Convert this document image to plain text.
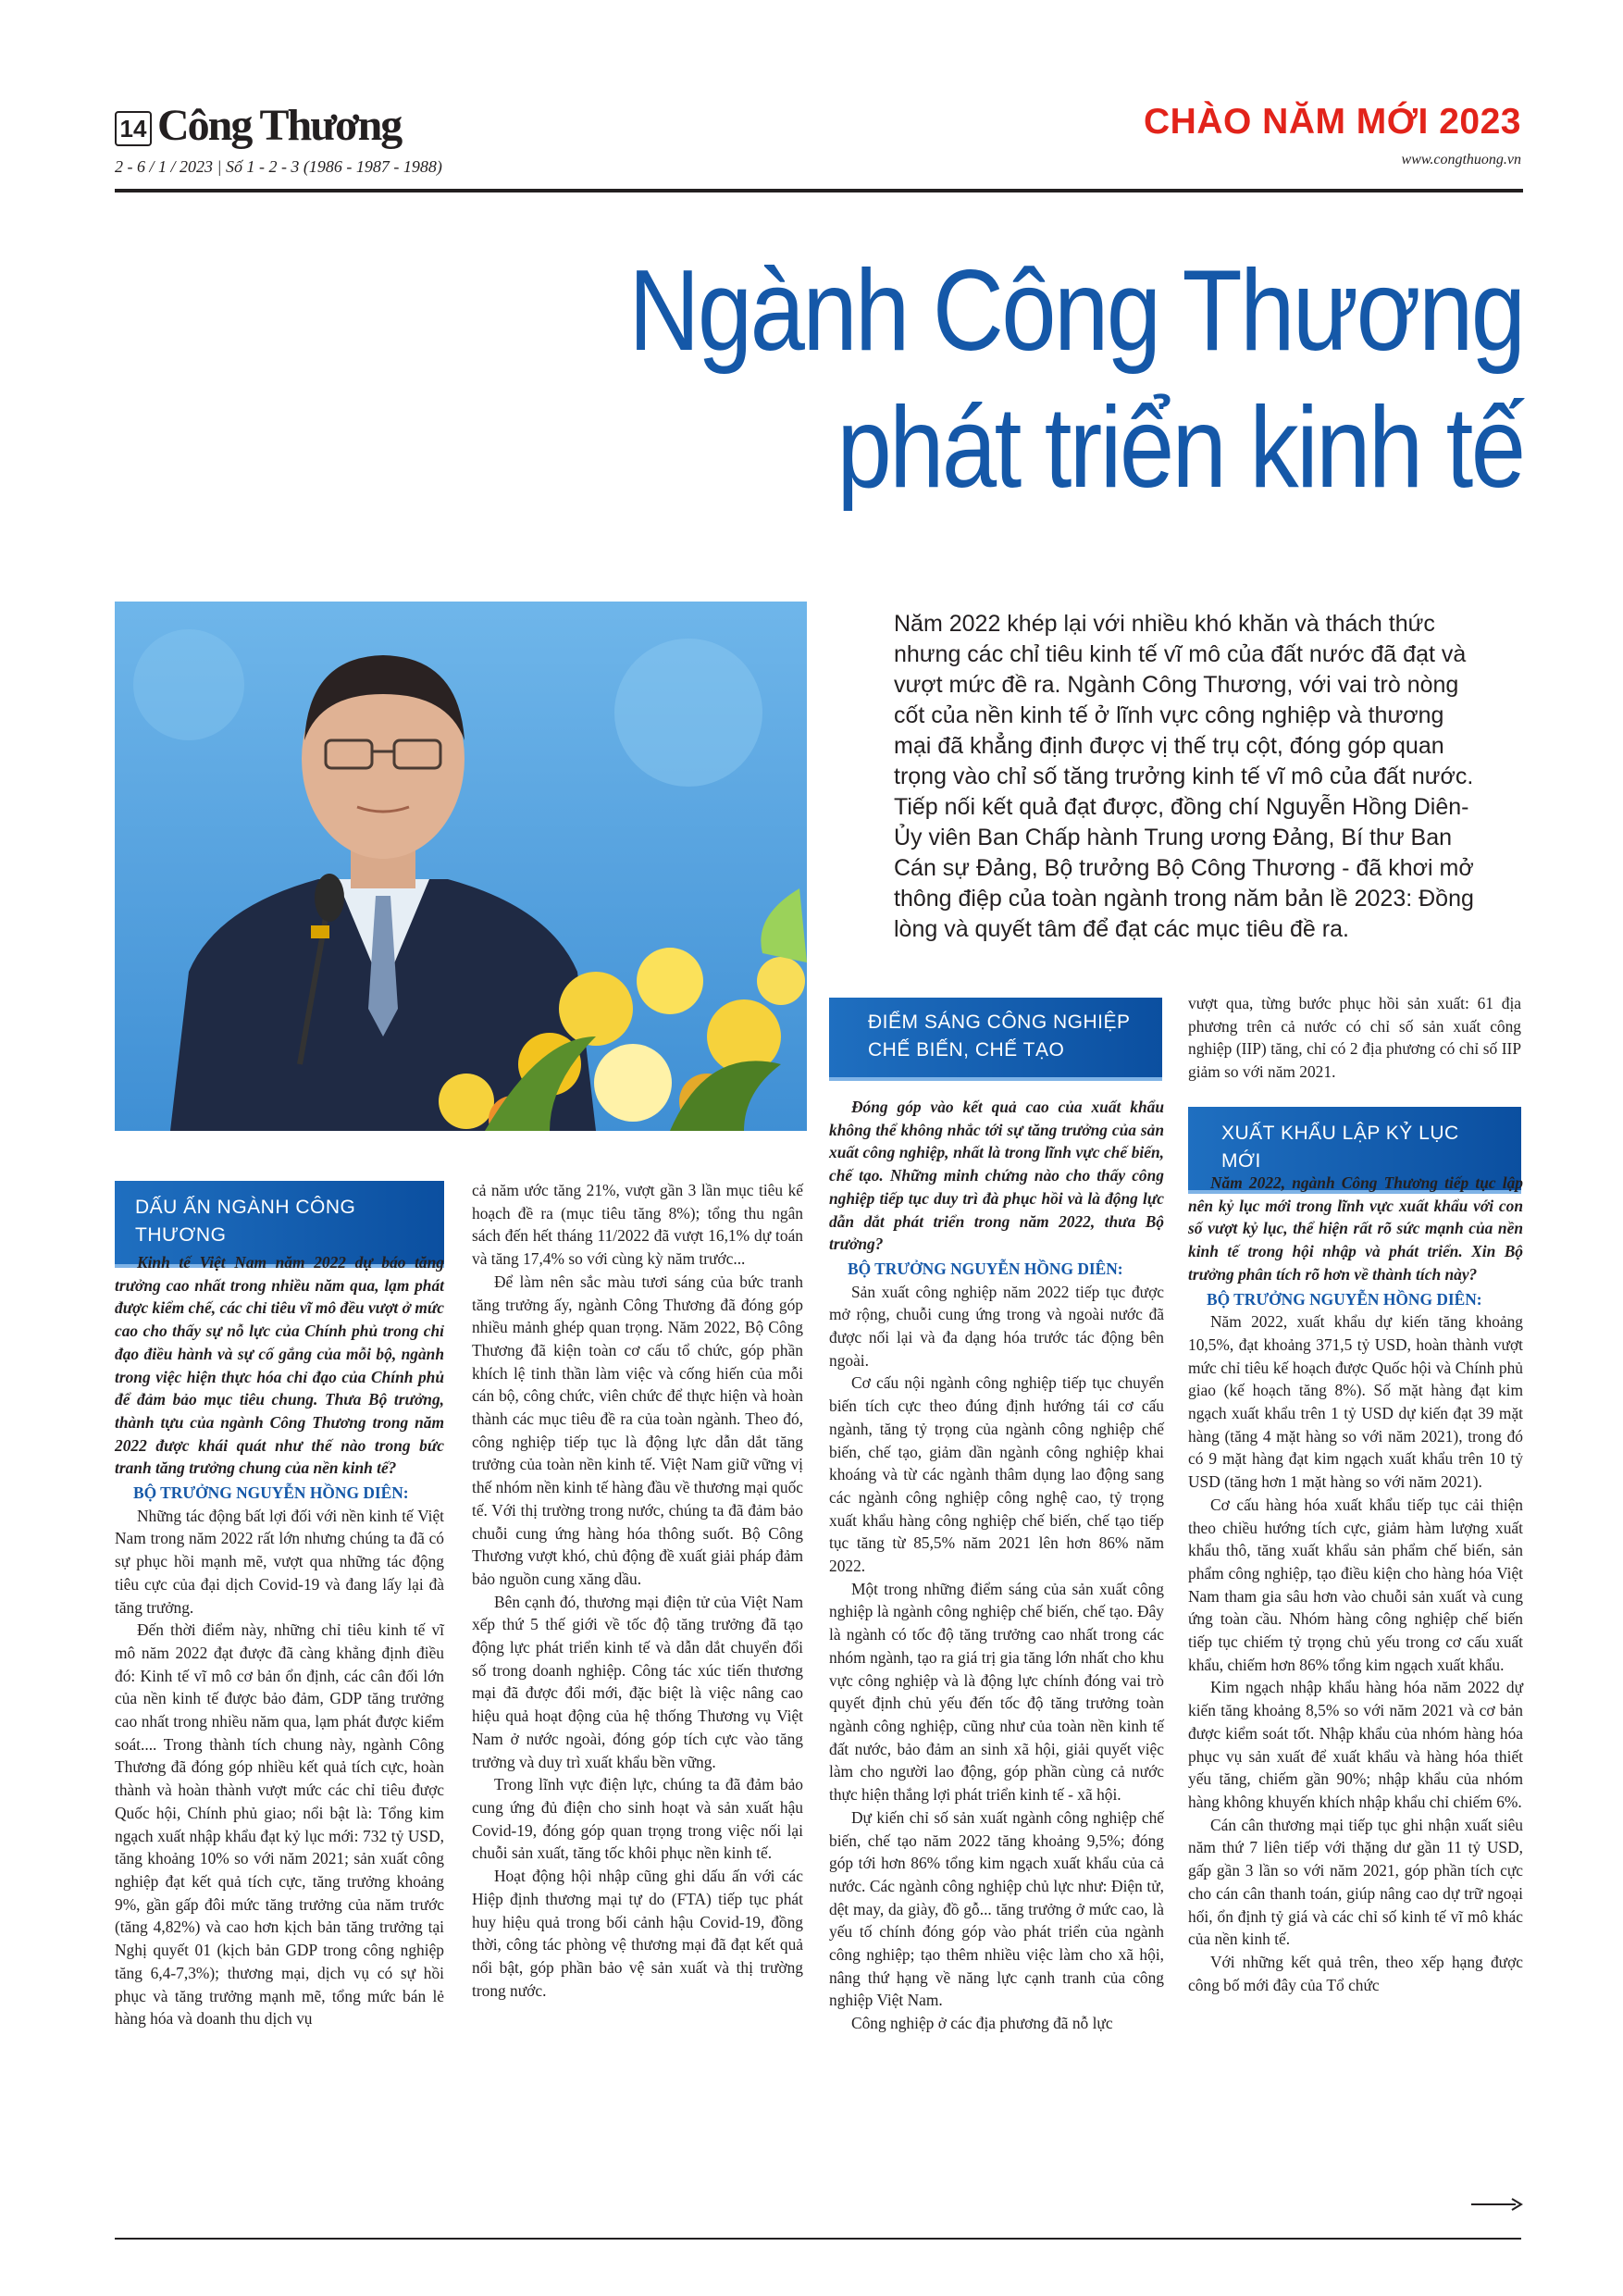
14 Công Thương
2 - 6 / 1 / 2023 | Số 1 - 2 - 3 (1986 - 1987 - 1988)
CHÀO NĂM MỚI 2023
www.congthuong.vn
Ngành Công Thương
phát triển kinh tế
Năm 2022 khép lại với nhiều khó khăn và thách thức nhưng các chỉ tiêu kinh tế vĩ mô của đất nước đã đạt và vượt mức đề ra. Ngành Công Thương, với vai trò nòng cốt của nền kinh tế ở lĩnh vực công nghiệp và thương mại đã khẳng định được vị thế trụ cột, đóng góp quan trọng vào chỉ số tăng trưởng kinh tế vĩ mô của đất nước. Tiếp nối kết quả đạt được, đồng chí Nguyễn Hồng Diên- Ủy viên Ban Chấp hành Trung ương Đảng, Bí thư Ban Cán sự Đảng, Bộ trưởng Bộ Công Thương - đã khơi mở thông điệp của toàn ngành trong năm bản lề 2023: Đồng lòng và quyết tâm để đạt các mục tiêu đề ra.
DẤU ẤN NGÀNH CÔNG THƯƠNG

Kinh tế Việt Nam năm 2022 dự báo tăng trưởng cao nhất trong nhiều năm qua, lạm phát được kiểm chế, các chỉ tiêu vĩ mô đều vượt ở mức cao cho thấy sự nỗ lực của Chính phủ trong chỉ đạo điều hành và sự cố gắng của mỗi bộ, ngành trong việc hiện thực hóa chỉ đạo của Chính phủ để đảm bảo mục tiêu chung. Thưa Bộ trưởng, thành tựu của ngành Công Thương trong năm 2022 được khái quát như thế nào trong bức tranh tăng trưởng chung của nền kinh tế?

BỘ TRƯỞNG NGUYỄN HỒNG DIÊN:

Những tác động bất lợi đối với nền kinh tế Việt Nam trong năm 2022 rất lớn nhưng chúng ta đã có sự phục hồi mạnh mẽ, vượt qua những tác động tiêu cực của đại dịch Covid-19 và đang lấy lại đà tăng trưởng.

Đến thời điểm này, những chỉ tiêu kinh tế vĩ mô năm 2022 đạt được đã càng khẳng định điều đó: Kinh tế vĩ mô cơ bản ổn định, các cân đối lớn của nền kinh tế được bảo đảm, GDP tăng trưởng cao nhất trong nhiều năm qua, lạm phát được kiểm soát.... Trong thành tích chung này, ngành Công Thương đã đóng góp nhiều kết quả tích cực, hoàn thành và hoàn thành vượt mức các chỉ tiêu được Quốc hội, Chính phủ giao; nổi bật là: Tổng kim ngạch xuất nhập khẩu đạt kỷ lục mới: 732 tỷ USD, tăng khoảng 10% so với năm 2021; sản xuất công nghiệp đạt kết quả tích cực, tăng trưởng khoảng 9%, gần gấp đôi mức tăng trưởng của năm trước (tăng 4,82%) và cao hơn kịch bản tăng trưởng tại Nghị quyết 01 (kịch bản GDP trong công nghiệp tăng 6,4-7,3%); thương mại, dịch vụ có sự hồi phục và tăng trưởng mạnh mẽ, tổng mức bán lẻ hàng hóa và doanh thu dịch vụ

cả năm ước tăng 21%, vượt gần 3 lần mục tiêu kế hoạch đề ra (mục tiêu tăng 8%); tổng thu ngân sách đến hết tháng 11/2022 đã vượt 16,1% dự toán và tăng 17,4% so với cùng kỳ năm trước...

Để làm nên sắc màu tươi sáng của bức tranh tăng trưởng ấy, ngành Công Thương đã đóng góp nhiều mảnh ghép quan trọng. Năm 2022, Bộ Công Thương đã kiện toàn cơ cấu tổ chức, góp phần khích lệ tinh thần làm việc và cống hiến của mỗi cán bộ, công chức, viên chức để thực hiện và hoàn thành các mục tiêu đề ra của toàn ngành. Theo đó, công nghiệp tiếp tục là động lực dẫn dắt tăng trưởng của toàn nền kinh tế. Việt Nam giữ vững vị thế nhóm nền kinh tế hàng đầu về thương mại quốc tế. Với thị trường trong nước, chúng ta đã đảm bảo chuỗi cung ứng hàng hóa thông suốt. Bộ Công Thương vượt khó, chủ động đề xuất giải pháp đảm bảo nguồn cung xăng dầu.

Bên cạnh đó, thương mại điện tử của Việt Nam xếp thứ 5 thế giới về tốc độ tăng trưởng đã tạo động lực phát triển kinh tế và dẫn dắt chuyển đổi số trong doanh nghiệp. Công tác xúc tiến thương mại đã được đổi mới, đặc biệt là việc nâng cao hiệu quả hoạt động của hệ thống Thương vụ Việt Nam ở nước ngoài, đóng góp tích cực vào tăng trưởng và duy trì xuất khẩu bền vững.

Trong lĩnh vực điện lực, chúng ta đã đảm bảo cung ứng đủ điện cho sinh hoạt và sản xuất hậu Covid-19, đóng góp quan trọng trong việc nối lại chuỗi sản xuất, tăng tốc khôi phục nền kinh tế.

Hoạt động hội nhập cũng ghi dấu ấn với các Hiệp định thương mại tự do (FTA) tiếp tục phát huy hiệu quả trong bối cảnh hậu Covid-19, đồng thời, công tác phòng vệ thương mại đã đạt kết quả nổi bật, góp phần bảo vệ sản xuất và thị trường trong nước.

ĐIỂM SÁNG CÔNG NGHIỆP
CHẾ BIẾN, CHẾ TẠO

Đóng góp vào kết quả cao của xuất khẩu không thể không nhắc tới sự tăng trưởng của sản xuất công nghiệp, nhất là trong lĩnh vực chế biến, chế tạo. Những minh chứng nào cho thấy công nghiệp tiếp tục duy trì đà phục hồi và là động lực dẫn dắt phát triển trong năm 2022, thưa Bộ trưởng?

BỘ TRƯỞNG NGUYỄN HỒNG DIÊN:

Sản xuất công nghiệp năm 2022 tiếp tục được mở rộng, chuỗi cung ứng trong và ngoài nước đã được nối lại và đa dạng hóa trước tác động bên ngoài.

Cơ cấu nội ngành công nghiệp tiếp tục chuyển biến tích cực theo đúng định hướng tái cơ cấu ngành, tăng tỷ trọng của ngành công nghiệp chế biến, chế tạo, giảm dần ngành công nghiệp khai khoáng và từ các ngành thâm dụng lao động sang các ngành công nghiệp công nghệ cao, tỷ trọng xuất khẩu hàng công nghiệp chế biến, chế tạo tiếp tục tăng từ 85,5% năm 2021 lên hơn 86% năm 2022.

Một trong những điểm sáng của sản xuất công nghiệp là ngành công nghiệp chế biến, chế tạo. Đây là ngành có tốc độ tăng trưởng cao nhất trong các nhóm ngành, tạo ra giá trị gia tăng lớn nhất cho khu vực công nghiệp và là động lực chính đóng vai trò quyết định chủ yếu đến tốc độ tăng trưởng toàn ngành công nghiệp, cũng như của toàn nền kinh tế đất nước, bảo đảm an sinh xã hội, giải quyết việc làm cho người lao động, góp phần cùng cả nước thực hiện thắng lợi phát triển kinh tế - xã hội.

Dự kiến chỉ số sản xuất ngành công nghiệp chế biến, chế tạo năm 2022 tăng khoảng 9,5%; đóng góp tới hơn 86% tổng kim ngạch xuất khẩu của cả nước. Các ngành công nghiệp chủ lực như: Điện tử, dệt may, da giày, đồ gỗ... tăng trưởng ở mức cao, là yếu tố chính đóng góp vào phát triển của ngành công nghiệp; tạo thêm nhiều việc làm cho xã hội, nâng thứ hạng về năng lực cạnh tranh của công nghiệp Việt Nam.

Công nghiệp ở các địa phương đã nỗ lực

vượt qua, từng bước phục hồi sản xuất: 61 địa phương trên cả nước có chỉ số sản xuất công nghiệp (IIP) tăng, chỉ có 2 địa phương có chỉ số IIP giảm so với năm 2021.

XUẤT KHẨU LẬP KỶ LỤC MỚI

Năm 2022, ngành Công Thương tiếp tục lập nên kỷ lục mới trong lĩnh vực xuất khẩu với con số vượt kỷ lục, thể hiện rất rõ sức mạnh của nền kinh tế trong hội nhập và phát triển. Xin Bộ trưởng phân tích rõ hơn về thành tích này?

BỘ TRƯỞNG NGUYỄN HỒNG DIÊN:

Năm 2022, xuất khẩu dự kiến tăng khoảng 10,5%, đạt khoảng 371,5 tỷ USD, hoàn thành vượt mức chỉ tiêu kế hoạch được Quốc hội và Chính phủ giao (kế hoạch tăng 8%). Số mặt hàng đạt kim ngạch xuất khẩu trên 1 tỷ USD dự kiến đạt 39 mặt hàng (tăng 4 mặt hàng so với năm 2021), trong đó có 9 mặt hàng đạt kim ngạch xuất khẩu trên 10 tỷ USD (tăng hơn 1 mặt hàng so với năm 2021).

Cơ cấu hàng hóa xuất khẩu tiếp tục cải thiện theo chiều hướng tích cực, giảm hàm lượng xuất khẩu thô, tăng xuất khẩu sản phẩm chế biến, sản phẩm công nghiệp, tạo điều kiện cho hàng hóa Việt Nam tham gia sâu hơn vào chuỗi sản xuất và cung ứng toàn cầu. Nhóm hàng công nghiệp chế biến tiếp tục chiếm tỷ trọng chủ yếu trong cơ cấu xuất khẩu, chiếm hơn 86% tổng kim ngạch xuất khẩu.

Kim ngạch nhập khẩu hàng hóa năm 2022 dự kiến tăng khoảng 8,5% so với năm 2021 và cơ bản được kiểm soát tốt. Nhập khẩu của nhóm hàng hóa phục vụ sản xuất để xuất khẩu và hàng hóa thiết yếu tăng, chiếm gần 90%; nhập khẩu của nhóm hàng không khuyến khích nhập khẩu chỉ chiếm 6%.

Cán cân thương mại tiếp tục ghi nhận xuất siêu năm thứ 7 liên tiếp với thặng dư gần 11 tỷ USD, gấp gần 3 lần so với năm 2021, góp phần tích cực cho cán cân thanh toán, giúp nâng cao dự trữ ngoại hối, ổn định tỷ giá và các chỉ số kinh tế vĩ mô khác của nền kinh tế.

Với những kết quả trên, theo xếp hạng được công bố mới đây của Tổ chức
